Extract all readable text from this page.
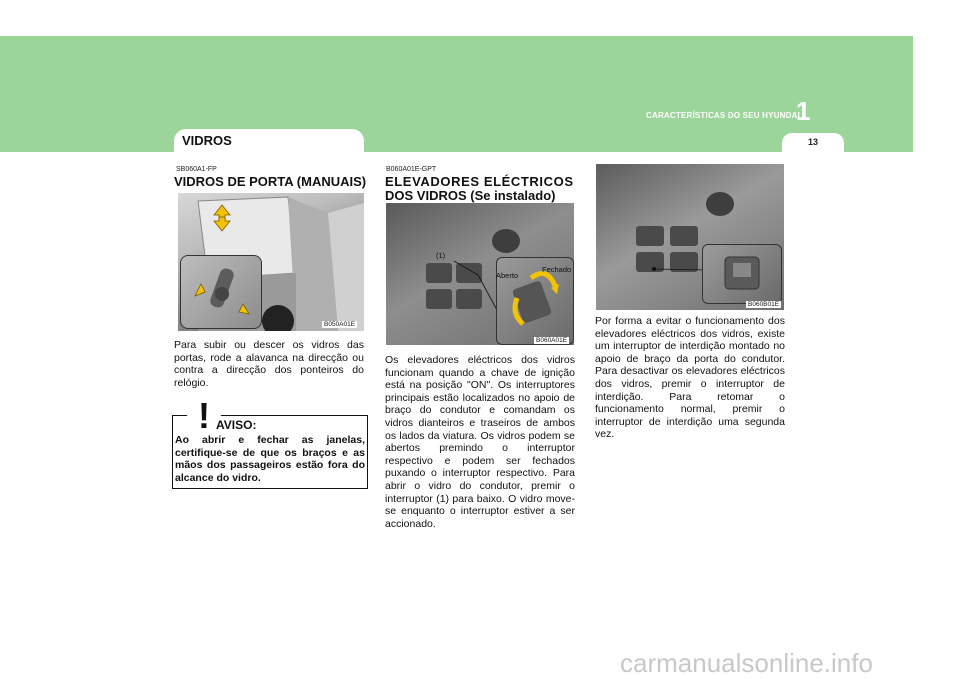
CARACTERÍSTICAS DO SEU HYUNDAI
1
13
VIDROS
SB060A1-FP
VIDROS DE PORTA (MANUAIS)
B050A01E
Para subir ou descer os vidros das portas, rode a alavanca na direcção ou contra a direcção dos ponteiros do relógio.
! AVISO:
Ao abrir e fechar as janelas, certifique-se de que os braços e as mãos dos passageiros estão fora do alcance do vidro.
B060A01E-GPT
ELEVADORES ELÉCTRICOS
DOS VIDROS (Se instalado)
(1)
Aberto
Fechado
B060A01E
Os elevadores eléctricos dos vidros funcionam quando a chave de ignição está na posição "ON". Os interruptores principais estão localizados no apoio de braço do condutor e comandam os vidros dianteiros e traseiros de ambos os lados da viatura. Os vidros podem se abertos premindo o interruptor respectivo e podem ser fechados puxando o interruptor respectivo. Para abrir o vidro do condutor, premir o interruptor (1) para baixo. O vidro move-se enquanto o interruptor estiver a ser accionado.
B060B01E
Por forma a evitar o funcionamento dos elevadores eléctricos dos vidros, existe um interruptor de interdição montado no apoio de braço da porta do condutor. Para desactivar os elevadores eléctricos dos vidros, premir o interruptor de interdição. Para retomar o funcionamento normal, premir o interruptor de interdição uma segunda vez.
carmanualsonline.info
